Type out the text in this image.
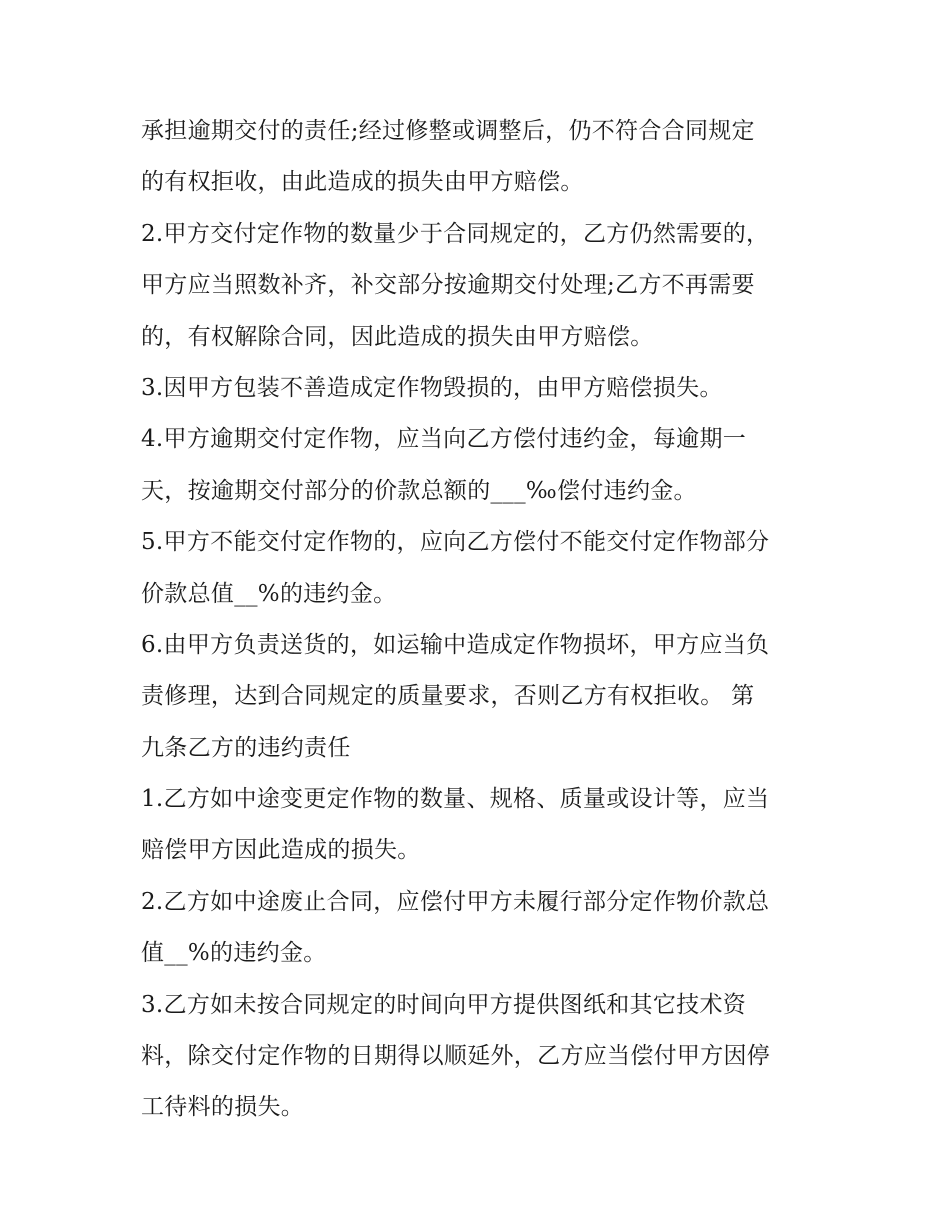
承担逾期交付的责任;经过修整或调整后，仍不符合合同规定
的有权拒收，由此造成的损失由甲方赔偿。
2.甲方交付定作物的数量少于合同规定的，乙方仍然需要的，
甲方应当照数补齐，补交部分按逾期交付处理;乙方不再需要
的，有权解除合同，因此造成的损失由甲方赔偿。
3.因甲方包装不善造成定作物毁损的，由甲方赔偿损失。
4.甲方逾期交付定作物，应当向乙方偿付违约金，每逾期一
天，按逾期交付部分的价款总额的___‰偿付违约金。
5.甲方不能交付定作物的，应向乙方偿付不能交付定作物部分
价款总值__%的违约金。
6.由甲方负责送货的，如运输中造成定作物损坏，甲方应当负
责修理，达到合同规定的质量要求，否则乙方有权拒收。 第
九条乙方的违约责任
1.乙方如中途变更定作物的数量、规格、质量或设计等，应当
赔偿甲方因此造成的损失。
2.乙方如中途废止合同，应偿付甲方未履行部分定作物价款总
值__%的违约金。
3.乙方如未按合同规定的时间向甲方提供图纸和其它技术资
料，除交付定作物的日期得以顺延外，乙方应当偿付甲方因停
工待料的损失。
